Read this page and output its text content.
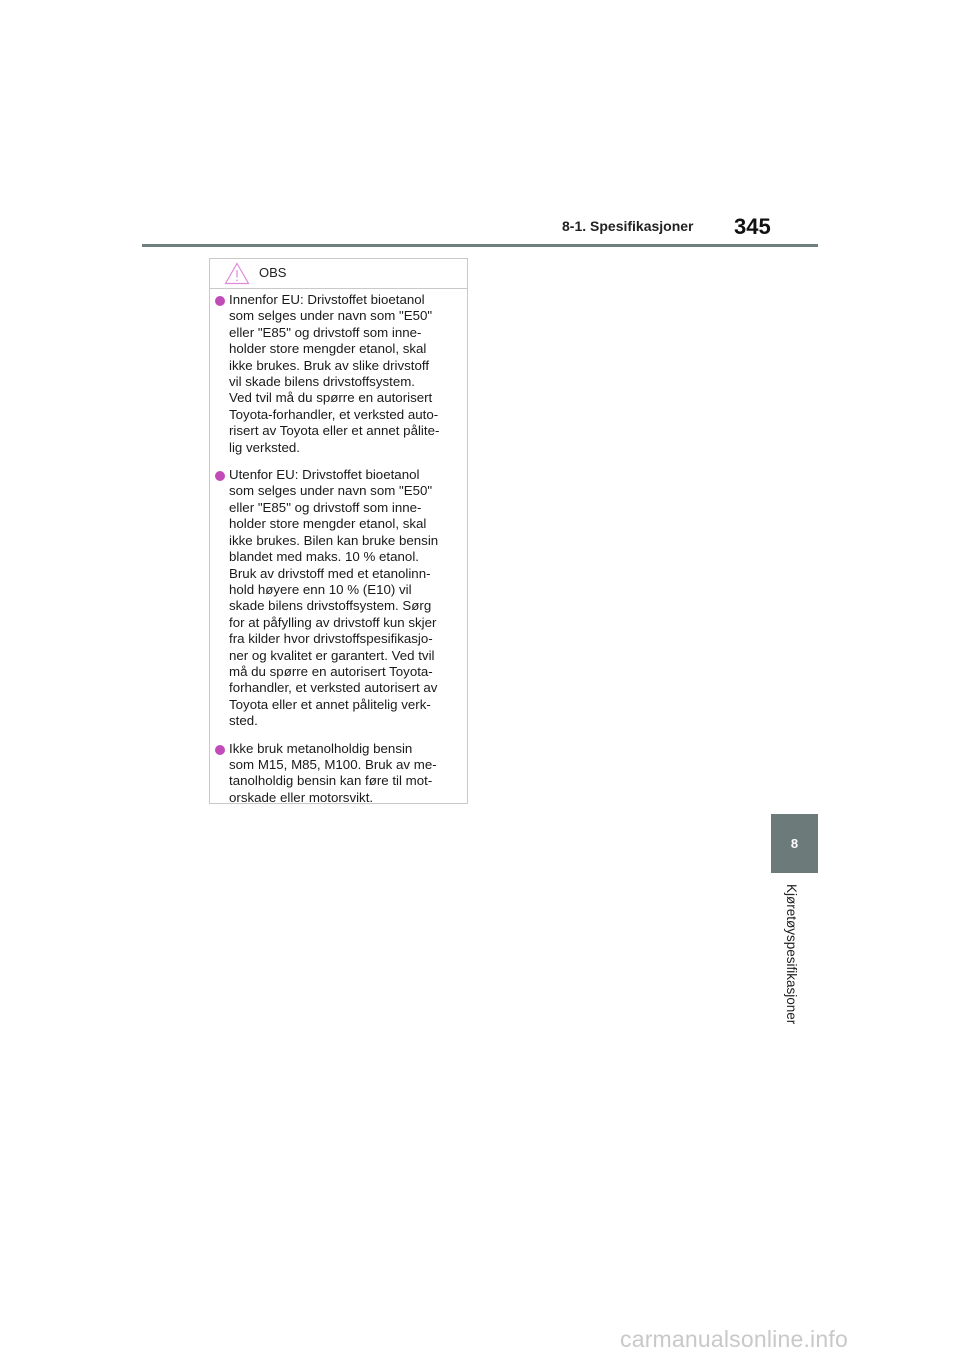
8-1. Spesifikasjoner 345
OBS
Innenfor EU: Drivstoffet bioetanol
som selges under navn som "E50"
eller "E85" og drivstoff som inne-
holder store mengder etanol, skal
ikke brukes. Bruk av slike drivstoff
vil skade bilens drivstoffsystem.
Ved tvil må du spørre en autorisert
Toyota-forhandler, et verksted auto-
risert av Toyota eller et annet pålite-
lig verksted.
Utenfor EU: Drivstoffet bioetanol
som selges under navn som "E50"
eller "E85" og drivstoff som inne-
holder store mengder etanol, skal
ikke brukes. Bilen kan bruke bensin
blandet med maks. 10 % etanol.
Bruk av drivstoff med et etanolinn-
hold høyere enn 10 % (E10) vil
skade bilens drivstoffsystem. Sørg
for at påfylling av drivstoff kun skjer
fra kilder hvor drivstoffspesifikasjo-
ner og kvalitet er garantert. Ved tvil
må du spørre en autorisert Toyota-
forhandler, et verksted autorisert av
Toyota eller et annet pålitelig verk-
sted.
Ikke bruk metanolholdig bensin
som M15, M85, M100. Bruk av me-
tanolholdig bensin kan føre til mot-
orskade eller motorsvikt.
8
Kjøretøyspesifikasjoner
carmanualsonline.info
